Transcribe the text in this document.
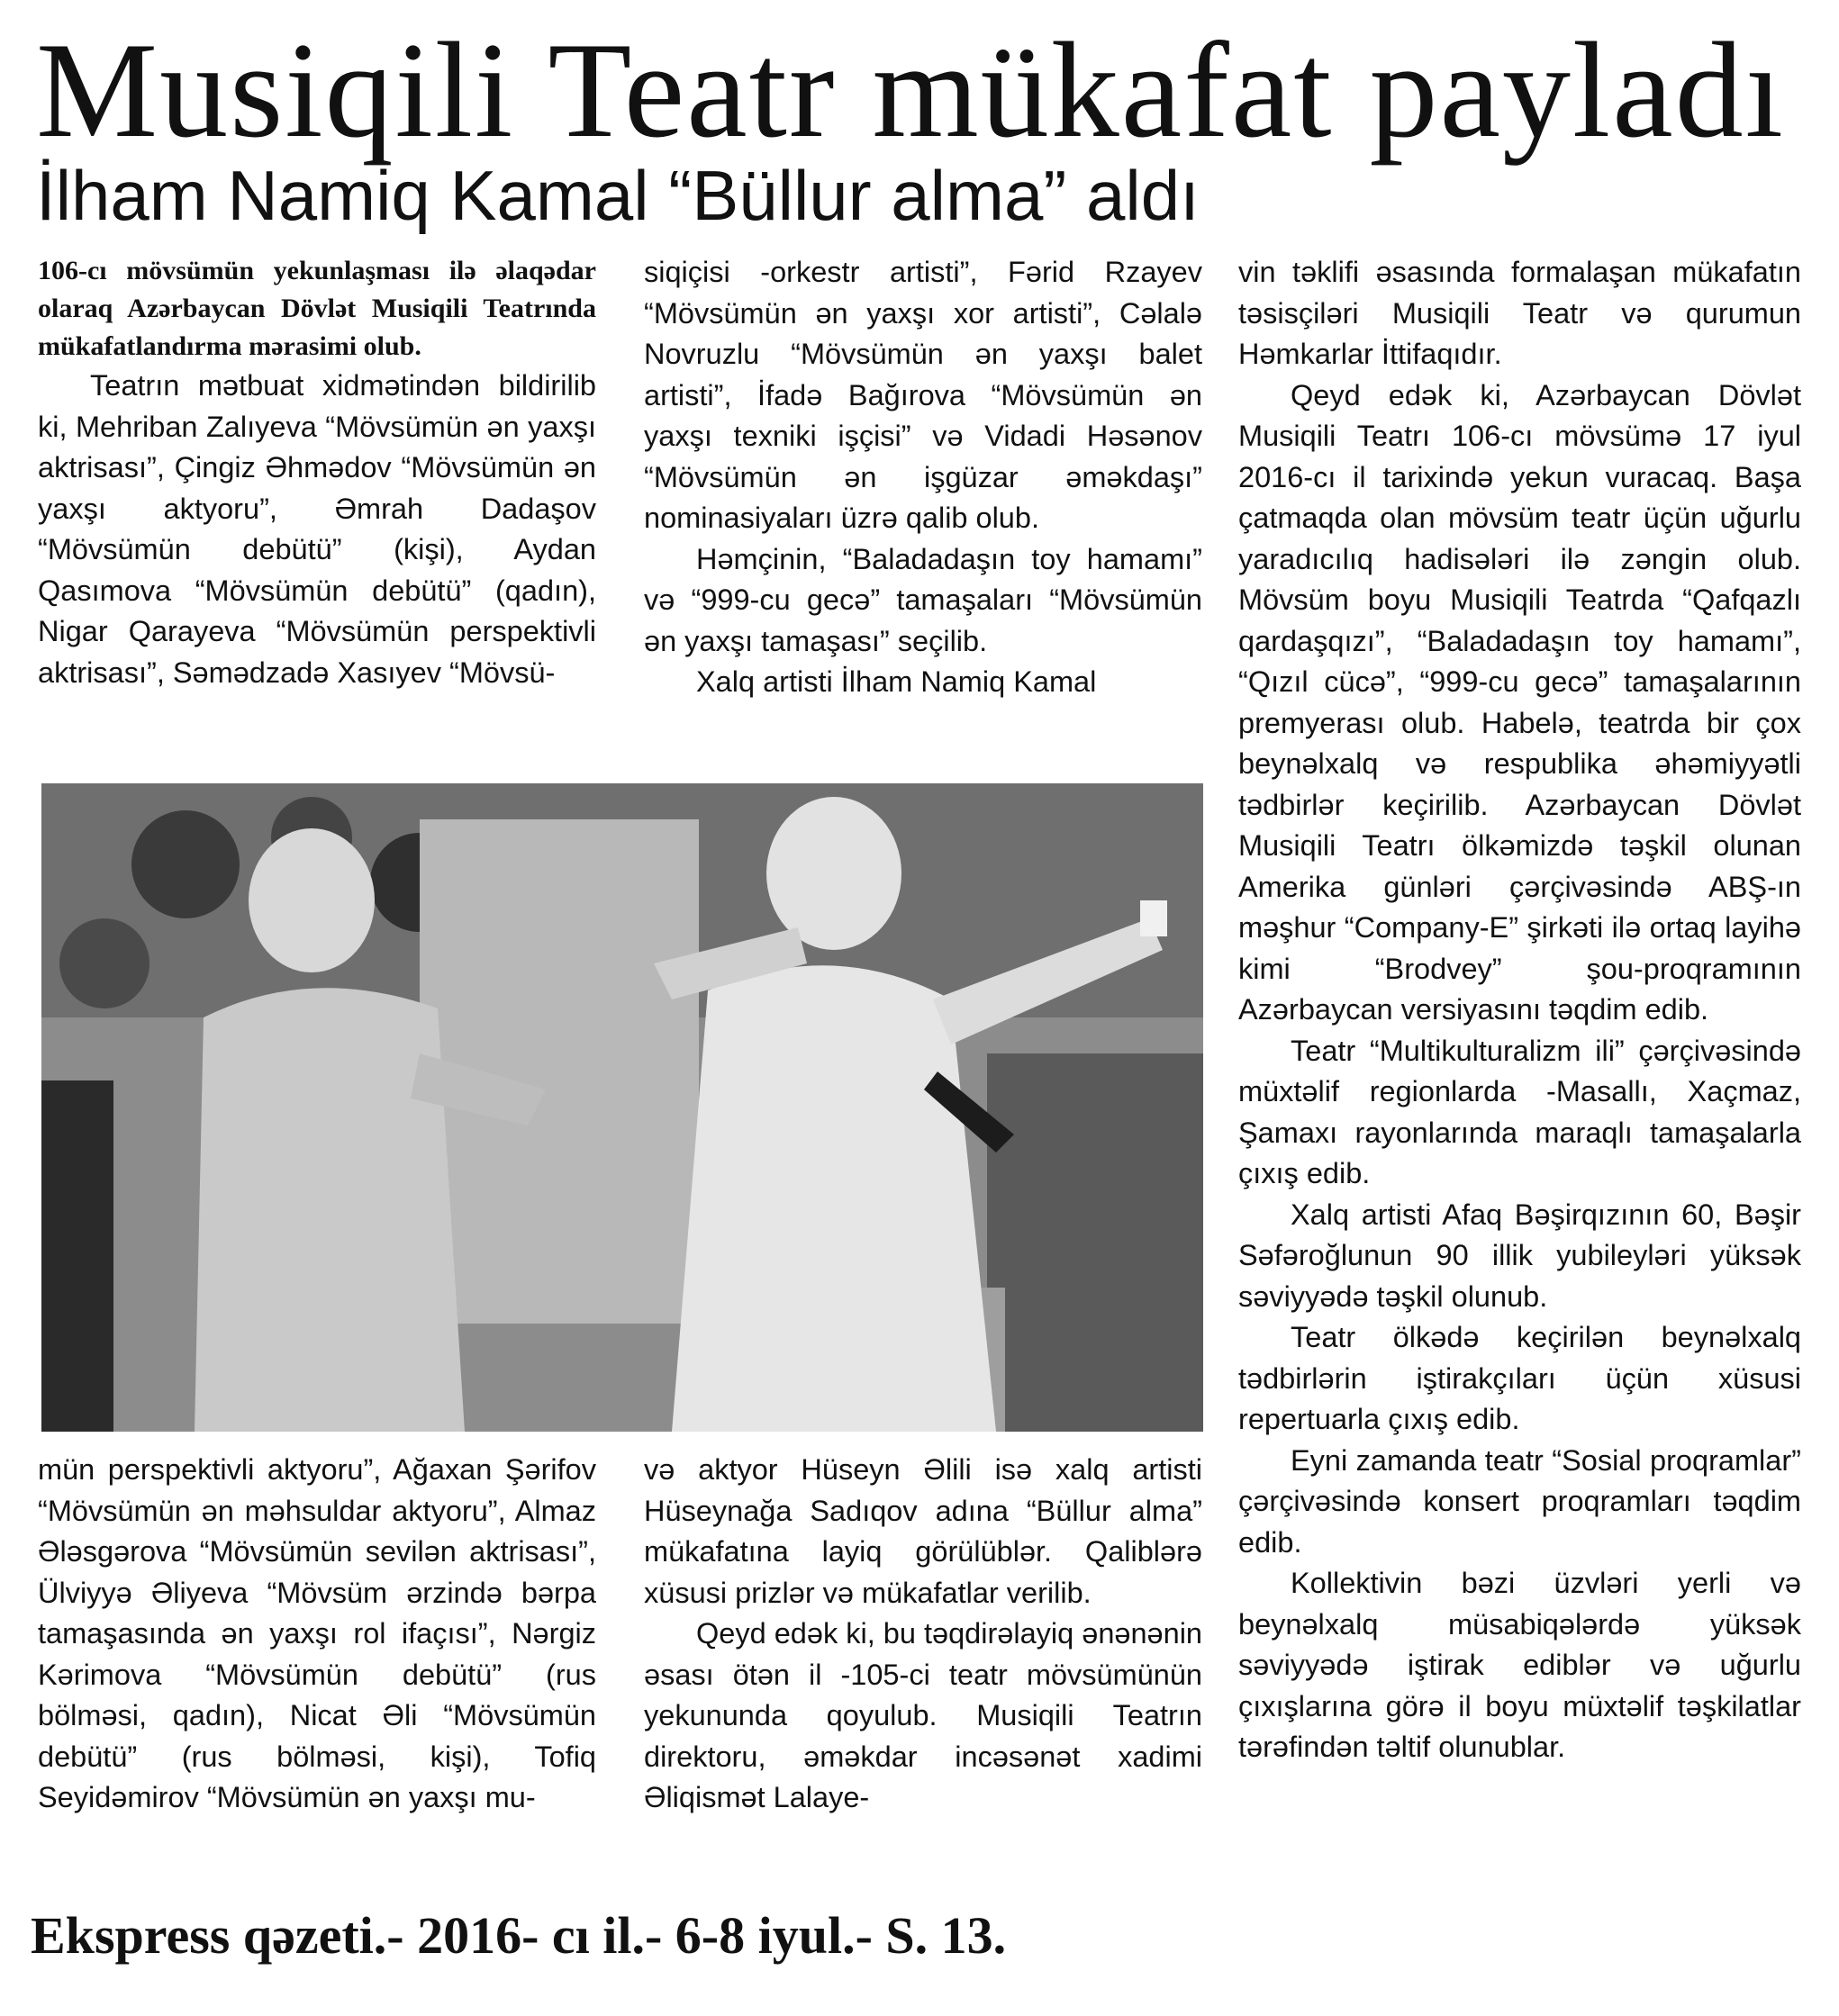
Musiqili Teatr mükafat payladı
İlham Namiq Kamal “Büllur alma” aldı

106-cı mövsümün yekunlaşması ilə əlaqədar olaraq Azərbaycan Dövlət Musiqili Teatrında mükafatlandırma mərasimi olub.

Teatrın mətbuat xidmətindən bildirilib ki, Mehriban Zalıyeva “Mövsümün ən yaxşı aktrisası”, Çingiz Əhmədov “Mövsümün ən yaxşı aktyoru”, Əmrah Dadaşov “Mövsümün debütü” (kişi), Aydan Qasımova “Mövsümün debütü” (qadın), Nigar Qarayeva “Mövsümün perspektivli aktrisası”, Səmədzadə Xasıyev “Mövsü-

siqiçisi -orkestr artisti”, Fərid Rzayev “Mövsümün ən yaxşı xor artisti”, Cəlalə Novruzlu “Mövsümün ən yaxşı balet artisti”, İfadə Bağırova “Mövsümün ən yaxşı texniki işçisi” və Vidadi Həsənov “Mövsümün ən işgüzar əməkdaşı” nominasiyaları üzrə qalib olub.

Həmçinin, “Baladadaşın toy hamamı” və “999-cu gecə” tamaşaları “Mövsümün ən yaxşı tamaşası” seçilib.

Xalq artisti İlham Namiq Kamal

vin təklifi əsasında formalaşan mükafatın təsisçiləri Musiqili Teatr və qurumun Həmkarlar İttifaqıdır.

Qeyd edək ki, Azərbaycan Dövlət Musiqili Teatrı 106-cı mövsümə 17 iyul 2016-cı il tarixində yekun vuracaq. Başa çatmaqda olan mövsüm teatr üçün uğurlu yaradıcılıq hadisələri ilə zəngin olub. Mövsüm boyu Musiqili Teatrda “Qafqazlı qardaşqızı”, “Baladadaşın toy hamamı”, “Qızıl cücə”, “999-cu gecə” tamaşalarının premyerası olub. Habelə, teatrda bir çox beynəlxalq və respublika əhəmiyyətli tədbirlər keçirilib. Azərbaycan Dövlət Musiqili Teatrı ölkəmizdə təşkil olunan Amerika günləri çərçivəsində ABŞ-ın məşhur “Company-E” şirkəti ilə ortaq layihə kimi “Brodvey” şou-proqramının Azərbaycan versiyasını təqdim edib.

Teatr “Multikulturalizm ili” çərçivəsində müxtəlif regionlarda -Masallı, Xaçmaz, Şamaxı rayonlarında maraqlı tamaşalarla çıxış edib.

Xalq artisti Afaq Bəşirqızının 60, Bəşir Səfəroğlunun 90 illik yubileyləri yüksək səviyyədə təşkil olunub.

Teatr ölkədə keçirilən beynəlxalq tədbirlərin iştirakçıları üçün xüsusi repertuarla çıxış edib.

Eyni zamanda teatr “Sosial proqramlar” çərçivəsində konsert proqramları təqdim edib.

Kollektivin bəzi üzvləri yerli və beynəlxalq müsabiqələrdə yüksək səviyyədə iştirak ediblər və uğurlu çıxışlarına görə il boyu müxtəlif təşkilatlar tərəfindən təltif olunublar.

mün perspektivli aktyoru”, Ağaxan Şərifov “Mövsümün ən məhsuldar aktyoru”, Almaz Ələsgərova “Mövsümün sevilən aktrisası”, Ülviyyə Əliyeva “Mövsüm ərzində bərpa tamaşasında ən yaxşı rol ifaçısı”, Nərgiz Kərimova “Mövsümün debütü” (rus bölməsi, qadın), Nicat Əli “Mövsümün debütü” (rus bölməsi, kişi), Tofiq Seyidəmirov “Mövsümün ən yaxşı mu-

və aktyor Hüseyn Əlili isə xalq artisti Hüseynağa Sadıqov adına “Büllur alma” mükafatına layiq görülüblər. Qaliblərə xüsusi prizlər və mükafatlar verilib.

Qeyd edək ki, bu təqdirəlayiq ənənənin əsası ötən il -105-ci teatr mövsümünün yekununda qoyulub. Musiqili Teatrın direktoru, əməkdar incəsənət xadimi Əliqismət Lalaye-

Ekspress qəzeti.- 2016- cı il.- 6-8 iyul.- S. 13.
